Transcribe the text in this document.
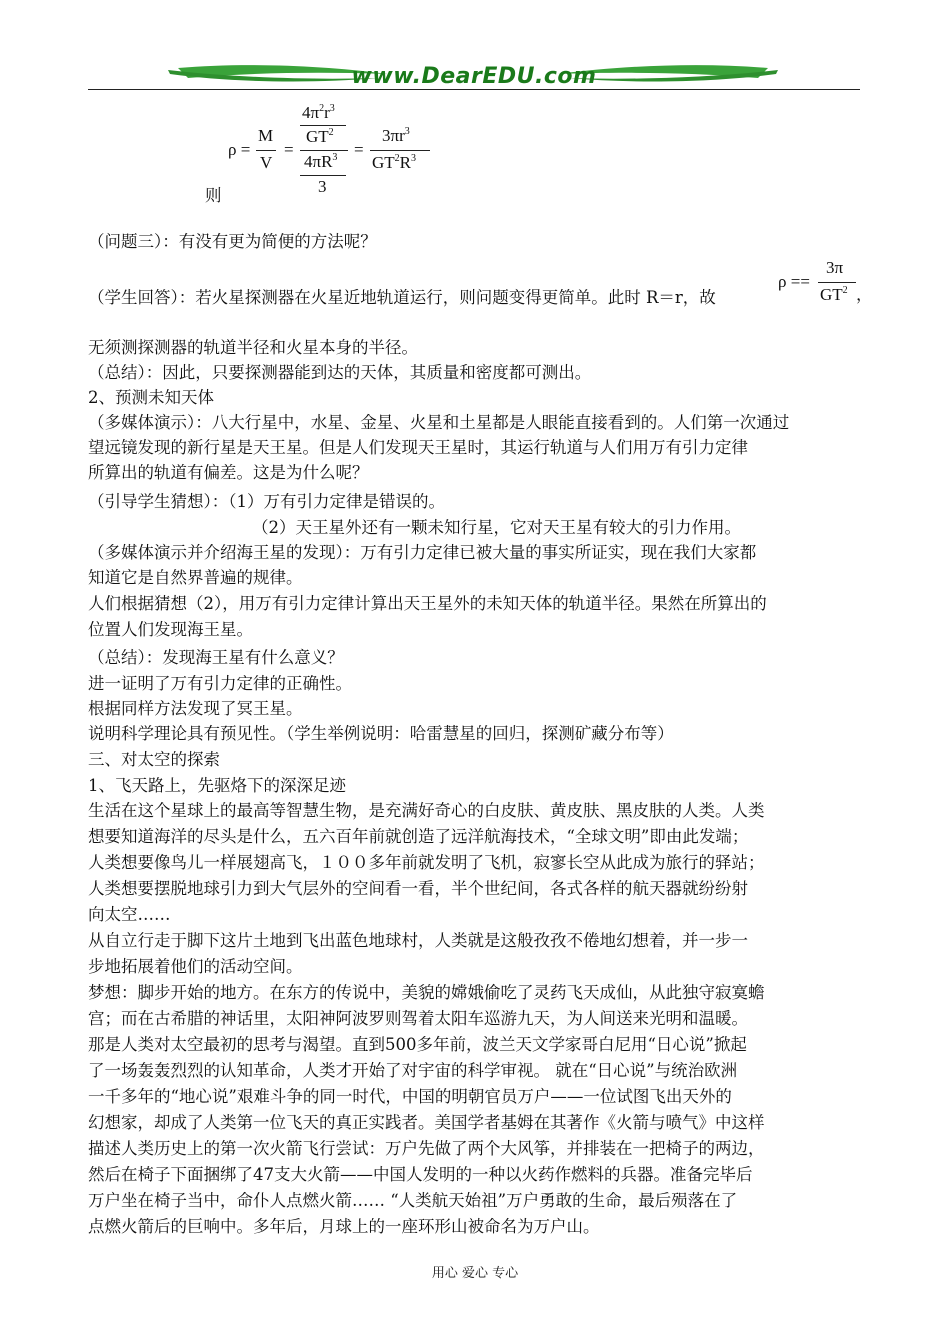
www.DearEDU.com
ρ =
M
V
=
$4\pi^2r^3$
$GT^2$
$4\pi R^3$
3
=
$3\pi r^3$
$GT^2R^3$
则
ρ ==
3π
$GT^2$ ，
（问题三）：有没有更为简便的方法呢？
（学生回答）：若火星探测器在火星近地轨道运行，则问题变得更简单。此时 R＝r，故
无须测探测器的轨道半径和火星本身的半径。
（总结）：因此，只要探测器能到达的天体，其质量和密度都可测出。
2、预测未知天体
（多媒体演示）：八大行星中，水星、金星、火星和土星都是人眼能直接看到的。人们第一次通过
望远镜发现的新行星是天王星。但是人们发现天王星时，其运行轨道与人们用万有引力定律
所算出的轨道有偏差。这是为什么呢？
（引导学生猜想）：（1）万有引力定律是错误的。
（2）天王星外还有一颗未知行星，它对天王星有较大的引力作用。
（多媒体演示并介绍海王星的发现）：万有引力定律已被大量的事实所证实，现在我们大家都
知道它是自然界普遍的规律。
人们根据猜想（2），用万有引力定律计算出天王星外的未知天体的轨道半径。果然在所算出的
位置人们发现海王星。
（总结）：发现海王星有什么意义？
进一证明了万有引力定律的正确性。
根据同样方法发现了冥王星。
说明科学理论具有预见性。（学生举例说明：哈雷慧星的回归，探测矿藏分布等）
三、对太空的探索
1、飞天路上，先驱烙下的深深足迹
生活在这个星球上的最高等智慧生物，是充满好奇心的白皮肤、黄皮肤、黑皮肤的人类。人类
想要知道海洋的尽头是什么，五六百年前就创造了远洋航海技术，“全球文明”即由此发端；
人类想要像鸟儿一样展翅高飞，１００多年前就发明了飞机，寂寥长空从此成为旅行的驿站；
人类想要摆脱地球引力到大气层外的空间看一看，半个世纪间，各式各样的航天器就纷纷射
向太空……
从自立行走于脚下这片土地到飞出蓝色地球村，人类就是这般孜孜不倦地幻想着，并一步一
步地拓展着他们的活动空间。
梦想：脚步开始的地方。在东方的传说中，美貌的嫦娥偷吃了灵药飞天成仙，从此独守寂寞蟾
宫；而在古希腊的神话里，太阳神阿波罗则驾着太阳车巡游九天，为人间送来光明和温暖。
那是人类对太空最初的思考与渴望。直到500多年前，波兰天文学家哥白尼用“日心说”掀起
了一场轰轰烈烈的认知革命，人类才开始了对宇宙的科学审视。 就在“日心说”与统治欧洲
一千多年的“地心说”艰难斗争的同一时代，中国的明朝官员万户——一位试图飞出天外的
幻想家，却成了人类第一位飞天的真正实践者。美国学者基姆在其著作《火箭与喷气》中这样
描述人类历史上的第一次火箭飞行尝试：万户先做了两个大风筝，并排装在一把椅子的两边，
然后在椅子下面捆绑了47支大火箭——中国人发明的一种以火药作燃料的兵器。准备完毕后
万户坐在椅子当中，命仆人点燃火箭…… “人类航天始祖”万户勇敢的生命，最后殒落在了
点燃火箭后的巨响中。多年后，月球上的一座环形山被命名为万户山。
用心 爱心 专心
